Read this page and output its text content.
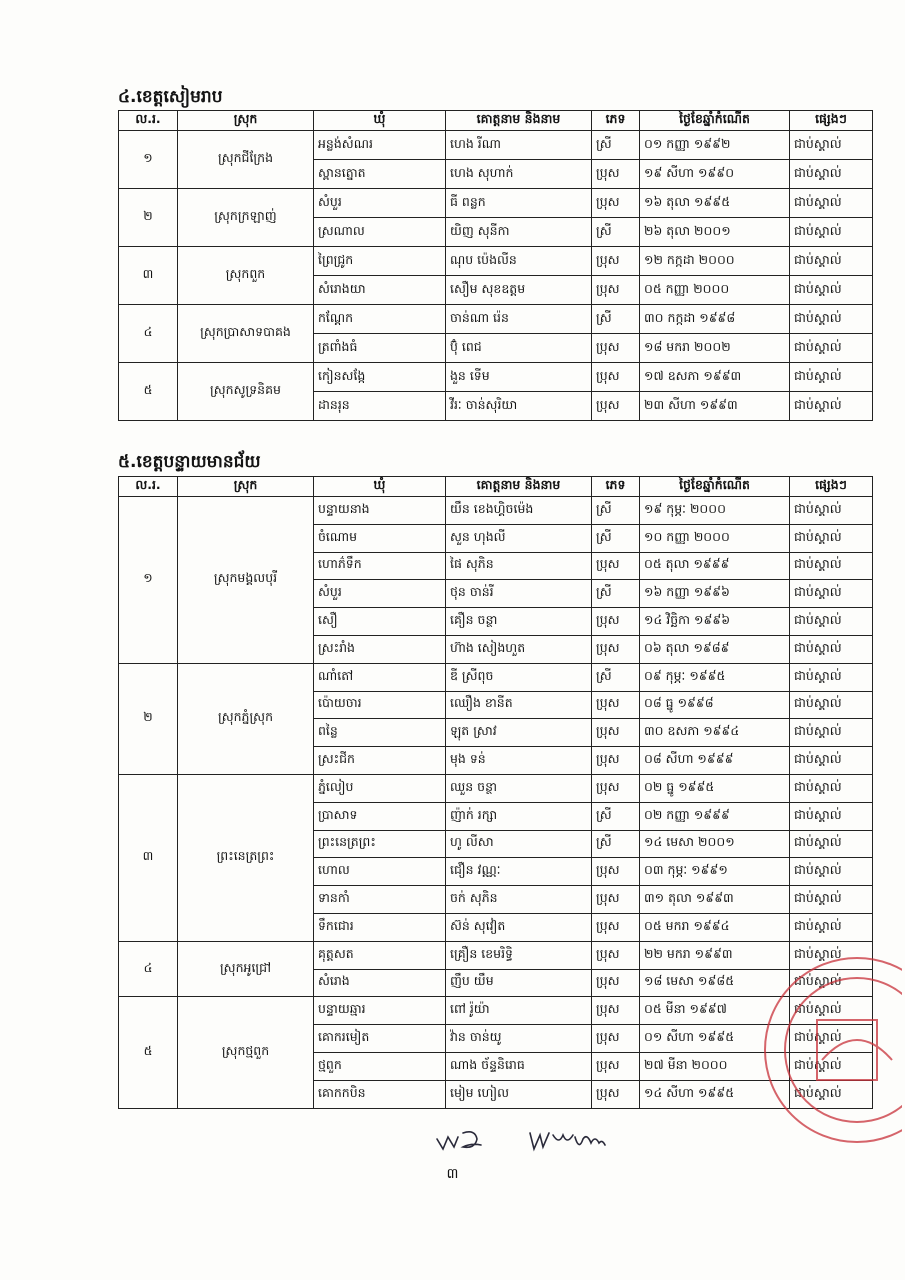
៤.ខេត្តសៀមរាប
ល.រ.	ស្រុក	ឃុំ	គោត្តនាម និងនាម	ភេទ	ថ្ងៃខែឆ្នាំកំណើត	ផ្សេងៗ
១	ស្រុកជីក្រែង	អន្លង់សំណរ	ហេង រីណា	ស្រី	០១ កញ្ញា ១៩៩២	ជាប់ស្គាល់
		ស្ពានត្នោត	ហេង សុហាក់	ប្រុស	១៩ សីហា ១៩៩០	ជាប់ស្គាល់
២	ស្រុកក្រឡាញ់	សំបួរ	ធី ពន្លក	ប្រុស	១៦ តុលា ១៩៩៥	ជាប់ស្គាល់
		ស្រណាល	យិញ សុនីកា	ស្រី	២៦ តុលា ២០០១	ជាប់ស្គាល់
៣	ស្រុកពួក	ព្រៃជ្រូក	ណុប ប៉េងលីន	ប្រុស	១២ កក្កដា ២០០០	ជាប់ស្គាល់
		សំរោងយា	សឿម សុខឧត្តម	ប្រុស	០៥ កញ្ញា ២០០០	ជាប់ស្គាល់
៤	ស្រុកប្រាសាទបាគង	កណ្ដែក	ចាន់ណា រ៉េន	ស្រី	៣០ កក្កដា ១៩៩៨	ជាប់ស្គាល់
		ត្រពាំងធំ	ប៊ុំ ពេជ	ប្រុស	១៨ មករា ២០០២	ជាប់ស្គាល់
៥	ស្រុកសូទ្រនិគម	កៀនសង្កែ	ងួន ទើម	ប្រុស	១៧ ឧសភា ១៩៩៣	ជាប់ស្គាល់
		ដានរុន	វីរៈ ចាន់សុរិយា	ប្រុស	២៣ សីហា ១៩៩៣	ជាប់ស្គាល់
៥.ខេត្តបន្ទាយមានជ័យ
ល.រ.	ស្រុក	ឃុំ	គោត្តនាម និងនាម	ភេទ	ថ្ងៃខែឆ្នាំកំណើត	ផ្សេងៗ
១	ស្រុកមង្គលបុរី	បន្ទាយនាង	យឹន ខេងហ្គិចម៉េង	ស្រី	១៩ កុម្ភៈ ២០០០	ជាប់ស្គាល់
		ចំណោម	សួន ហុងលី	ស្រី	១០ កញ្ញា ២០០០	ជាប់ស្គាល់
		ហោភ៌ទឹក	ផៃ សុភិន	ប្រុស	០៥ តុលា ១៩៩៩	ជាប់ស្គាល់
		សំបួរ	ថុន ចាន់រី	ស្រី	១៦ កញ្ញា ១៩៩៦	ជាប់ស្គាល់
		សឿ	គឿន ចន្ថា	ប្រុស	១៤ វិច្ឆិកា ១៩៩៦	ជាប់ស្គាល់
		ស្រះរាំង	ហ៊ាង សៀងហួត	ប្រុស	០៦ តុលា ១៩៨៩	ជាប់ស្គាល់
២	ស្រុកភ្នំស្រុក	ណាំតៅ	ឌី ស្រីពុច	ស្រី	០៩ កុម្ភៈ ១៩៩៥	ជាប់ស្គាល់
		ប៉ោយចារ	ឈឿង ខានីត	ប្រុស	០៨ ធ្នូ ១៩៩៨	ជាប់ស្គាល់
		ពន្លៃ	ឡុត ស្រាវ	ប្រុស	៣០ ឧសភា ១៩៩៤	ជាប់ស្គាល់
		ស្រះជីក	មុង ទន់	ប្រុស	០៨ សីហា ១៩៩៩	ជាប់ស្គាល់
៣	ព្រះនេត្រព្រះ	ភ្នំលៀប	ឈួន ចន្ថា	ប្រុស	០២ ធ្នូ ១៩៩៥	ជាប់ស្គាល់
		ប្រាសាទ	ញ៉ាក់ រក្សា	ស្រី	០២ កញ្ញា ១៩៩៩	ជាប់ស្គាល់
		ព្រះនេត្រព្រះ	ហូ លីសា	ស្រី	១៤ មេសា ២០០១	ជាប់ស្គាល់
		ហោល	ជឿន វណ្ណៈ	ប្រុស	០៣ កុម្ភៈ ១៩៩១	ជាប់ស្គាល់
		ទានកាំ	ចក់ សុភិន	ប្រុស	៣១ តុលា ១៩៩៣	ជាប់ស្គាល់
		ទឹកជោរ	ស៊ន់ សុវៀត	ប្រុស	០៥ មករា ១៩៩៤	ជាប់ស្គាល់
៤	ស្រុកអូជ្រៅ	គុត្តសត	គ្រឿន ខេមរិទ្ធិ	ប្រុស	២២ មករា ១៩៩៣	ជាប់ស្គាល់
		សំរោង	ញឹប យឹម	ប្រុស	១៨ មេសា ១៩៨៥	ជាប់ស្គាល់
៥	ស្រុកថ្មពួក	បន្ទាយឆ្មារ	ពៅ រ៉ូយ៉ា	ប្រុស	០៥ មីនា ១៩៩៧	ជាប់ស្គាល់
		គោករមៀត	វ៉ាន ចាន់យូ	ប្រុស	០១ សីហា ១៩៩៥	ជាប់ស្គាល់
		ថ្មពួក	ណាង ច័ន្ទនិរោធ	ប្រុស	២៧ មីនា ២០០០	ជាប់ស្គាល់
		គោកកបិន	មៀម ហៀល	ប្រុស	១៤ សីហា ១៩៩៥	ជាប់ស្គាល់
៣
